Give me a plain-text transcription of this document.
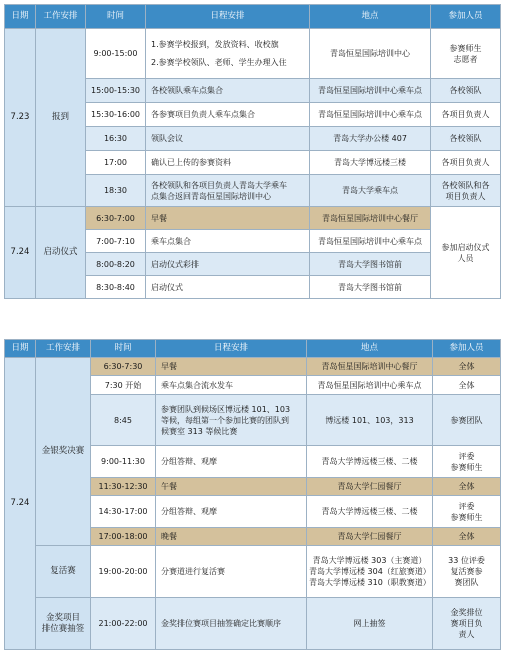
日期	工作安排	时间	日程安排	地点	参加人员
7.23	报到	9:00-15:00	1.参赛学校报到，发放资料、收校旗
2.参赛学校领队、老师、学生办理入住	青岛恒星国际培训中心	参赛师生
志愿者

		15:00-15:30	各校领队乘车点集合	青岛恒星国际培训中心乘车点	各校领队
		15:30-16:00	各参赛项目负责人乘车点集合	青岛恒星国际培训中心乘车点	各项目负责人
		16:30	领队会议	青岛大学办公楼 407	各校领队
		17:00	确认已上传的参赛资料	青岛大学博远楼三楼	各项目负责人
		18:30	各校领队和各项目负责人青岛大学乘车
点集合返回青岛恒星国际培训中心	青岛大学乘车点	各校领队和各
项目负责人

7.24	启动仪式	6:30-7:00	早餐	青岛恒星国际培训中心餐厅	参加启动仪式
人员

		7:00-7:10	乘车点集合	青岛恒星国际培训中心乘车点	
		8:00-8:20	启动仪式彩排	青岛大学图书馆前	
		8:30-8:40	启动仪式	青岛大学图书馆前	
日期	工作安排	时间	日程安排	地点	参加人员
7.24	金银奖决赛	6:30-7:30	早餐	青岛恒星国际培训中心餐厅	全体
		7:30 开始	乘车点集合流水发车	青岛恒星国际培训中心乘车点	全体
		8:45	参赛团队到候场区博远楼 101、103
等候，每组第一个参加比赛的团队到
候赛室 313 等候比赛	博远楼 101、103，313	参赛团队
		9:00-11:30	分组答辩、观摩	青岛大学博远楼三楼、二楼	评委
参赛师生

		11:30-12:30	午餐	青岛大学仁园餐厅	全体
		14:30-17:00	分组答辩、观摩	青岛大学博远楼三楼、二楼	评委
参赛师生

		17:00-18:00	晚餐	青岛大学仁园餐厅	全体
	复活赛	19:00-20:00	分赛道进行复活赛	青岛大学博远楼 303（主赛道）
青岛大学博远楼 304（红旅赛道）
青岛大学博远楼 310（职教赛道）	33 位评委
复活赛参
赛团队

	金奖项目
排位赛抽签	21:00-22:00	金奖排位赛项目抽签确定比赛顺序	网上抽签	金奖排位
赛项目负
责人
